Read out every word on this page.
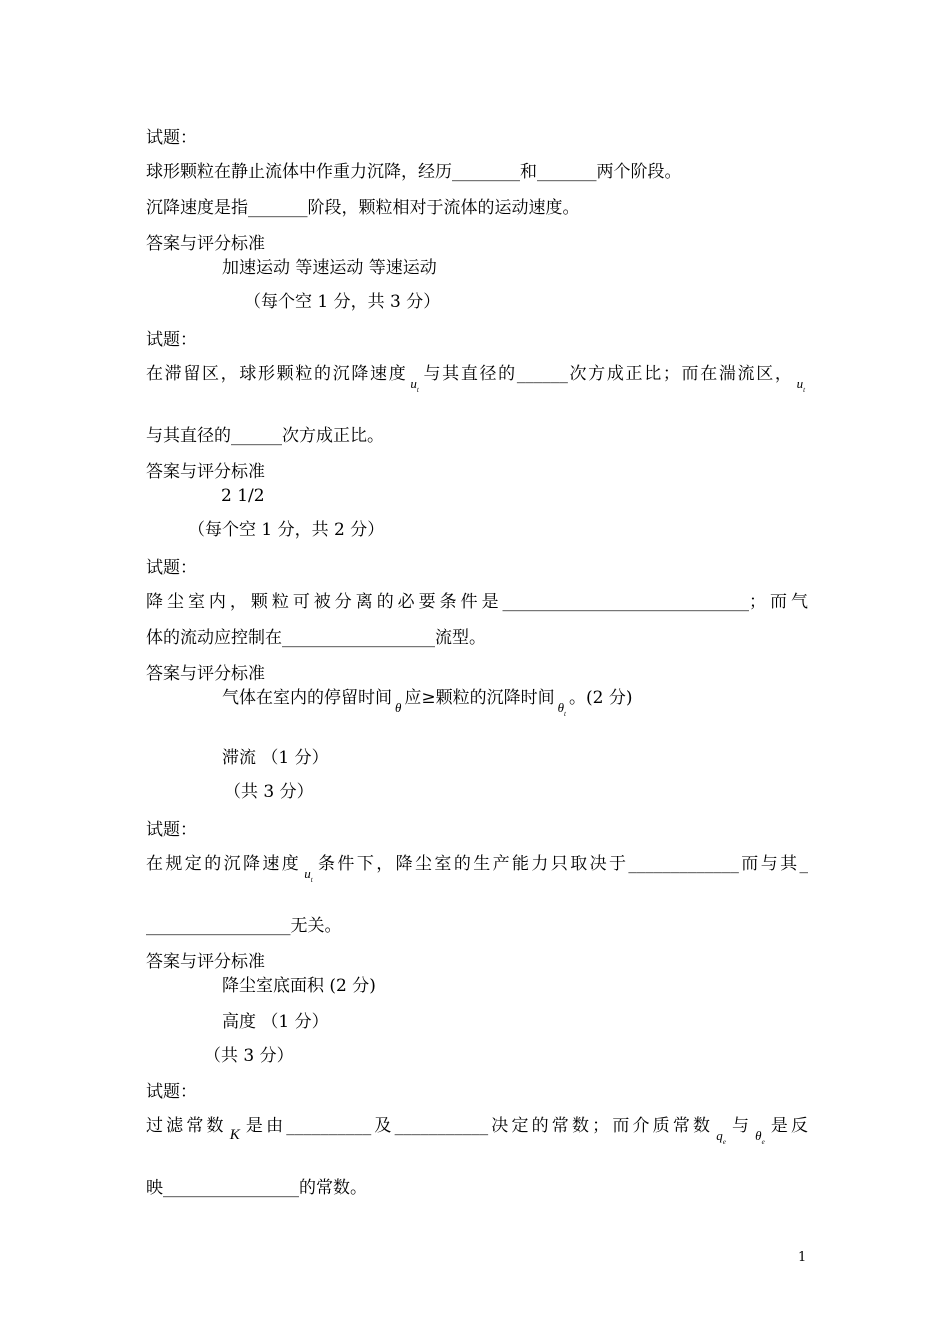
试题：
球形颗粒在静止流体中作重力沉降，经历________和_______两个阶段。
沉降速度是指_______阶段，颗粒相对于流体的运动速度。
答案与评分标准
加速运动 等速运动 等速运动
（每个空 1 分，共 3 分）
试题：
在滞留区，球形颗粒的沉降速度 $_{u_t}$与其直径的______次方成正比；而在湍流区， $_{u_t}$
与其直径的______次方成正比。
答案与评分标准
2 1/2
（每个空 1 分，共 2 分）
试题：
降尘室内，颗粒可被分离的必要条件是_____________________________；而气
体的流动应控制在__________________流型。
答案与评分标准
气体在室内的停留时间 $_\theta$ 应≥颗粒的沉降时间 $_{\theta_t}$。(2 分)
滞流 （1 分）
（共 3 分）
试题：
在规定的沉降速度 $_{u_t}$条件下，降尘室的生产能力只取决于_____________而与其_
_________________无关。
答案与评分标准
降尘室底面积 (2 分)
高度 （1 分）
（共 3 分）
试题：
过滤常数 K 是由__________及___________决定的常数；而介质常数 $_{q_e}$与 $_{\theta_e}$是反
映________________的常数。
1
